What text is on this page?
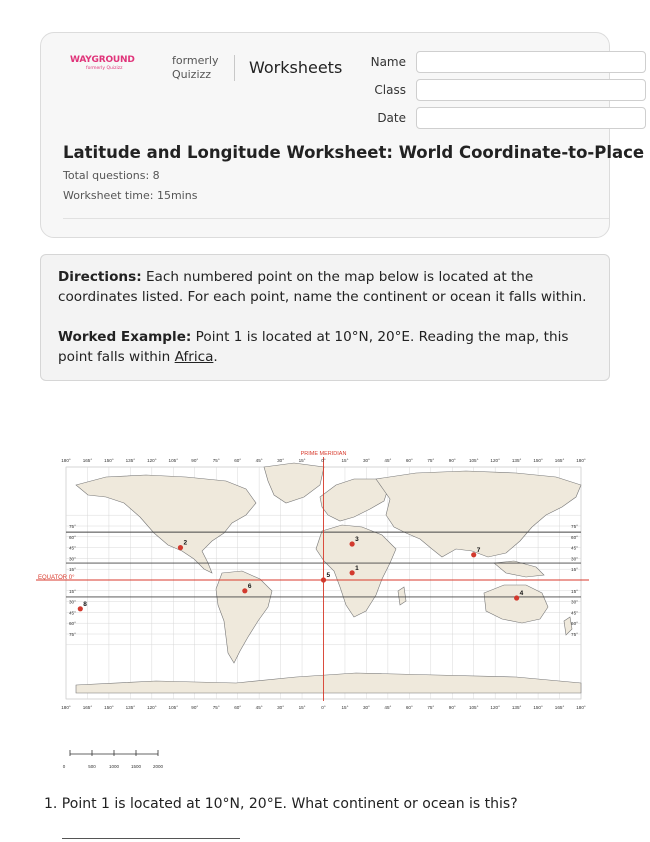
WAYGROUND
formerly Quizizz
formerly
Quizizz	Worksheets	Name
Class
Date
Latitude and Longitude Worksheet: World Coordinate-to-Place
Total questions: 8
Worksheet time: 15mins

Directions: Each numbered point on the map below is located at the coordinates listed. For each point, name the continent or ocean it falls within.

Worked Example: Point 1 is located at 10°N, 20°E. Reading the map, this point falls within Africa.

PRIME MERIDIAN
EQUATOR 0°
180°
180°
165°
165°
150°
150°
135°
135°
120°
120°
105°
105°
90°
90°
75°
75°
60°
60°
45°
45°
30°
30°
15°
15°
0°
0°
15°
15°
30°
30°
45°
45°
60°
60°
75°
75°
90°
90°
105°
105°
120°
120°
135°
135°
150°
150°
165°
165°
180°
180°
75°	75°
60°	60°
45°	45°
30°	30°
15°	15°
15°	15°
30°	30°
45°	45°
60°	60°
75°	75°
1
2
3
4
5
6
7
8
0	500	1000	1500	2000
1. Point 1 is located at 10°N, 20°E. What continent or ocean is this?
